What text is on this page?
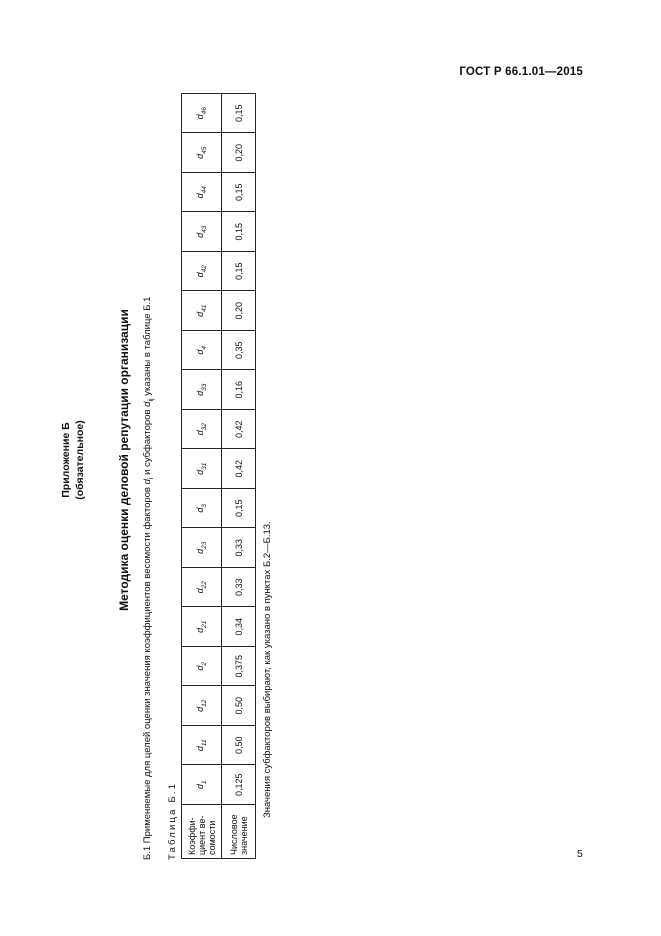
ГОСТ Р 66.1.01—2015
Приложение Б (обязательное)	Методика оценки деловой репутации организации
Б.1 Применяемые для целей оценки значения коэффициентов весомости факторов $d_i$ и субфакторов $d_{ij}$ указаны в таблице Б.1
Таблица Б.1 Коэффи-
циент ве-
сомости	$d_1$	$d_{11}$	$d_{12}$	$d_2$	$d_{21}$	$d_{22}$	$d_{23}$	$d_3$	$d_{31}$	$d_{32}$	$d_{33}$	$d_4$	$d_{41}$	$d_{42}$	$d_{43}$	$d_{44}$	$d_{45}$	$d_{46}$
Числовое
значение	0,125	0,50	0,50	0,375	0,34	0,33	0,33	0,15	0,42	0,42	0,16	0,35	0,20	0,15	0,15	0,15	0,20	0,15
Значения субфакторов выбирают, как указано в пунктах Б.2—Б.13.
5
